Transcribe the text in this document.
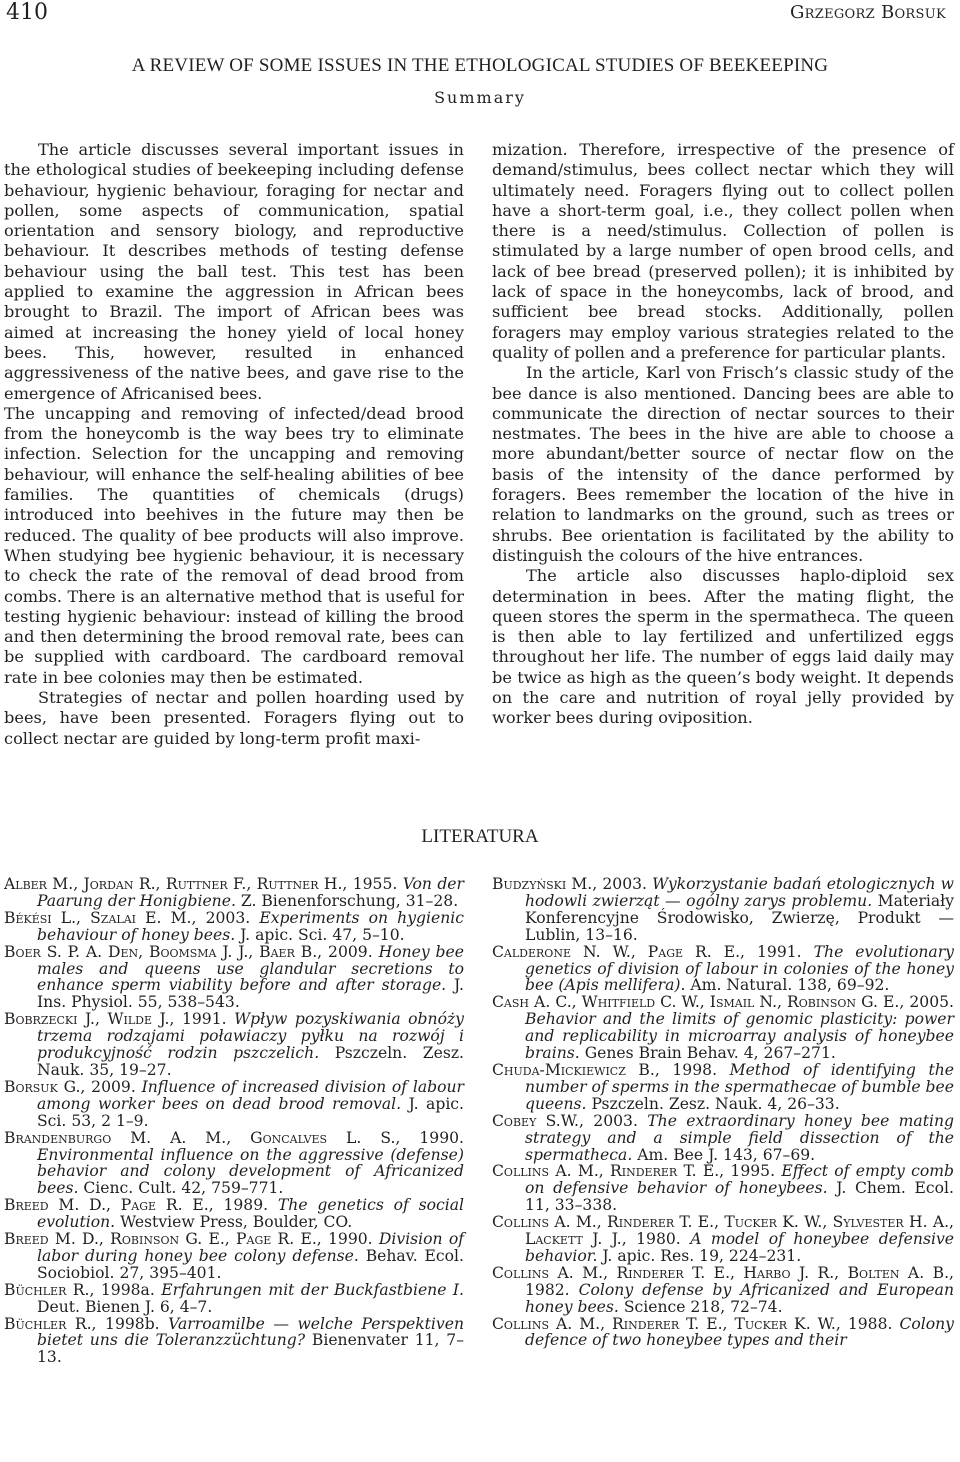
410	Grzegorz Borsuk
A REVIEW OF SOME ISSUES IN THE ETHOLOGICAL STUDIES OF BEEKEEPING
Summary

The article discusses several important issues in the ethological studies of beekeeping including defense behaviour, hygienic behaviour, foraging for nectar and pollen, some aspects of communication, spatial orientation and sensory biology, and reproductive behaviour. It describes methods of testing defense behaviour using the ball test. This test has been applied to examine the aggression in African bees brought to Brazil. The import of African bees was aimed at increasing the honey yield of local honey bees. This, however, resulted in enhanced aggressiveness of the native bees, and gave rise to the emergence of Africanised bees.

The uncapping and removing of infected/dead brood from the honeycomb is the way bees try to eliminate infection. Selection for the uncapping and removing behaviour, will enhance the self-healing abilities of bee families. The quantities of chemicals (drugs) introduced into beehives in the future may then be reduced. The quality of bee products will also improve. When studying bee hygienic behaviour, it is necessary to check the rate of the removal of dead brood from combs. There is an alternative method that is useful for testing hygienic behaviour: instead of killing the brood and then determining the brood removal rate, bees can be supplied with cardboard. The cardboard removal rate in bee colonies may then be estimated.

Strategies of nectar and pollen hoarding used by bees, have been presented. Foragers flying out to collect nectar are guided by long-term profit maxi-

mization. Therefore, irrespective of the presence of demand/stimulus, bees collect nectar which they will ultimately need. Foragers flying out to collect pollen have a short-term goal, i.e., they collect pollen when there is a need/stimulus. Collection of pollen is stimulated by a large number of open brood cells, and lack of bee bread (preserved pollen); it is inhibited by lack of space in the honeycombs, lack of brood, and sufficient bee bread stocks. Additionally, pollen foragers may employ various strategies related to the quality of pollen and a preference for particular plants.

In the article, Karl von Frisch’s classic study of the bee dance is also mentioned. Dancing bees are able to communicate the direction of nectar sources to their nestmates. The bees in the hive are able to choose a more abundant/better source of nectar flow on the basis of the intensity of the dance performed by foragers. Bees remember the location of the hive in relation to landmarks on the ground, such as trees or shrubs. Bee orientation is facilitated by the ability to distinguish the colours of the hive entrances.

The article also discusses haplo-diploid sex determination in bees. After the mating flight, the queen stores the sperm in the spermatheca. The queen is then able to lay fertilized and unfertilized eggs throughout her life. The number of eggs laid daily may be twice as high as the queen’s body weight. It depends on the care and nutrition of royal jelly provided by worker bees during oviposition.

LITERATURA

Alber M., Jordan R., Ruttner F., Ruttner H., 1955. Von der Paarung der Honigbiene. Z. Bienenforschung, 31–28.

Békési L., Szalai E. M., 2003. Experiments on hygienic behaviour of honey bees. J. apic. Sci. 47, 5–10.

Boer S. P. A. Den, Boomsma J. J., Baer B., 2009. Honey bee males and queens use glandular secretions to enhance sperm viability before and after storage. J. Ins. Physiol. 55, 538–543.

Bobrzecki J., Wilde J., 1991. Wpływ pozyskiwania obnóży trzema rodzajami poławiaczy pyłku na rozwój i produkcyjność rodzin pszczelich. Pszczeln. Zesz. Nauk. 35, 19–27.

Borsuk G., 2009. Influence of increased division of labour among worker bees on dead brood removal. J. apic. Sci. 53, 2 1–9.

Brandenburgo M. A. M., Goncalves L. S., 1990. Environmental influence on the aggressive (defense) behavior and colony development of Africanized bees. Cienc. Cult. 42, 759–771.

Breed M. D., Page R. E., 1989. The genetics of social evolution. Westview Press, Boulder, CO.

Breed M. D., Robinson G. E., Page R. E., 1990. Division of labor during honey bee colony defense. Behav. Ecol. Sociobiol. 27, 395–401.

Büchler R., 1998a. Erfahrungen mit der Buckfastbiene I. Deut. Bienen J. 6, 4–7.

Büchler R., 1998b. Varroamilbe — welche Perspektiven bietet uns die Toleranzzüchtung? Bienenvater 11, 7–13.

Budzyński M., 2003. Wykorzystanie badań etologicznych w hodowli zwierząt — ogólny zarys problemu. Materiały Konferencyjne Środowisko, Zwierzę, Produkt — Lublin, 13–16.

Calderone N. W., Page R. E., 1991. The evolutionary genetics of division of labour in colonies of the honey bee (Apis mellifera). Am. Natural. 138, 69–92.

Cash A. C., Whitfield C. W., Ismail N., Robinson G. E., 2005. Behavior and the limits of genomic plasticity: power and replicability in microarray analysis of honeybee brains. Genes Brain Behav. 4, 267–271.

Chuda-Mickiewicz B., 1998. Method of identifying the number of sperms in the spermathecae of bumble bee queens. Pszczeln. Zesz. Nauk. 4, 26–33.

Cobey S.W., 2003. The extraordinary honey bee mating strategy and a simple field dissection of the spermatheca. Am. Bee J. 143, 67–69.

Collins A. M., Rinderer T. E., 1995. Effect of empty comb on defensive behavior of honeybees. J. Chem. Ecol. 11, 33–338.

Collins A. M., Rinderer T. E., Tucker K. W., Sylvester H. A., Lackett J. J., 1980. A model of honeybee defensive behavior. J. apic. Res. 19, 224–231.

Collins A. M., Rinderer T. E., Harbo J. R., Bolten A. B., 1982. Colony defense by Africanized and European honey bees. Science 218, 72–74.

Collins A. M., Rinderer T. E., Tucker K. W., 1988. Colony defence of two honeybee types and their
